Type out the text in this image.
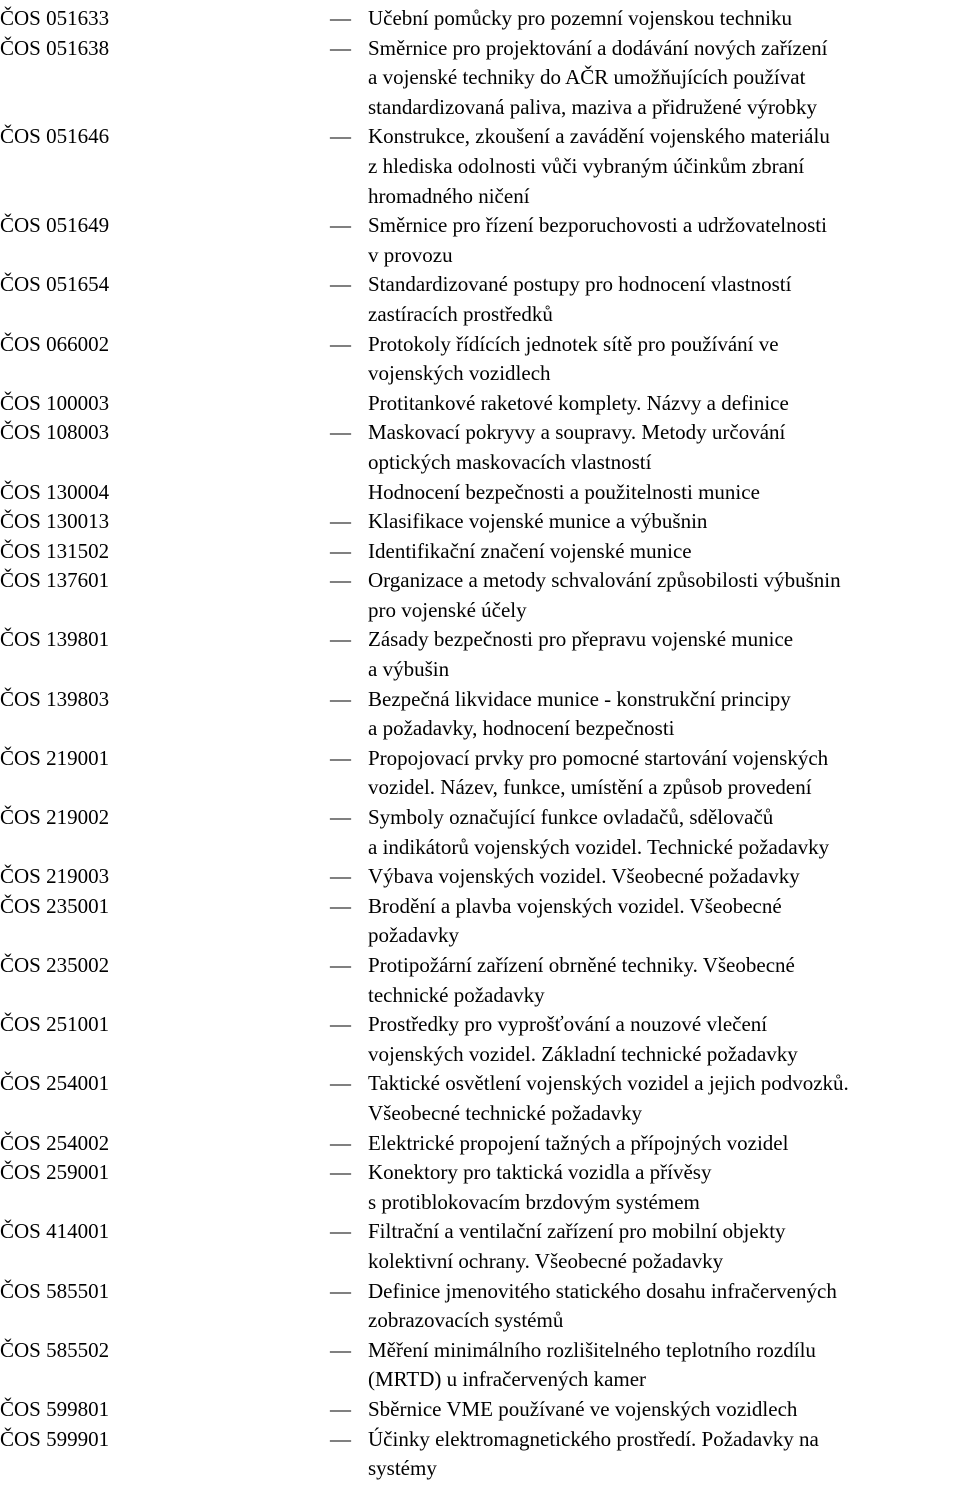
ČOS 051633	— Učební pomůcky pro pozemní vojenskou techniku
ČOS 051638	— Směrnice pro projektování a dodávání nových zařízení
a vojenské techniky do AČR umožňujících používat
standardizovaná paliva, maziva a přidružené výrobky
ČOS 051646	— Konstrukce, zkoušení a zavádění vojenského materiálu
z hlediska odolnosti vůči vybraným účinkům zbraní
hromadného ničení
ČOS 051649	— Směrnice pro řízení bezporuchovosti a udržovatelnosti
v provozu
ČOS 051654	— Standardizované postupy pro hodnocení vlastností
zastíracích prostředků
ČOS 066002	— Protokoly řídících jednotek sítě pro používání ve
vojenských vozidlech
ČOS 100003	Protitankové raketové komplety. Názvy a definice
ČOS 108003	— Maskovací pokryvy a soupravy. Metody určování
optických maskovacích vlastností
ČOS 130004	Hodnocení bezpečnosti a použitelnosti munice
ČOS 130013	— Klasifikace vojenské munice a výbušnin
ČOS 131502	— Identifikační značení vojenské munice
ČOS 137601	— Organizace a metody schvalování způsobilosti výbušnin
pro vojenské účely
ČOS 139801	— Zásady bezpečnosti pro přepravu vojenské munice
a výbušin
ČOS 139803	— Bezpečná likvidace munice - konstrukční principy
a požadavky, hodnocení bezpečnosti
ČOS 219001	— Propojovací prvky pro pomocné startování vojenských
vozidel. Název, funkce, umístění a způsob provedení
ČOS 219002	— Symboly označující funkce ovladačů, sdělovačů
a indikátorů vojenských vozidel. Technické požadavky
ČOS 219003	— Výbava vojenských vozidel. Všeobecné požadavky
ČOS 235001	— Brodění a plavba vojenských vozidel. Všeobecné
požadavky
ČOS 235002	— Protipožární zařízení obrněné techniky. Všeobecné
technické požadavky
ČOS 251001	— Prostředky pro vyprošťování a nouzové vlečení
vojenských vozidel. Základní technické požadavky
ČOS 254001	— Taktické osvětlení vojenských vozidel a jejich podvozků.
Všeobecné technické požadavky
ČOS 254002	— Elektrické propojení tažných a přípojných vozidel
ČOS 259001	— Konektory pro taktická vozidla a přívěsy
s protiblokovacím brzdovým systémem
ČOS 414001	— Filtrační a ventilační zařízení pro mobilní objekty
kolektivní ochrany. Všeobecné požadavky
ČOS 585501	— Definice jmenovitého statického dosahu infračervených
zobrazovacích systémů
ČOS 585502	— Měření minimálního rozlišitelného teplotního rozdílu
(MRTD) u infračervených kamer
ČOS 599801	— Sběrnice VME používané ve vojenských vozidlech
ČOS 599901	— Účinky elektromagnetického prostředí. Požadavky na
systémy
